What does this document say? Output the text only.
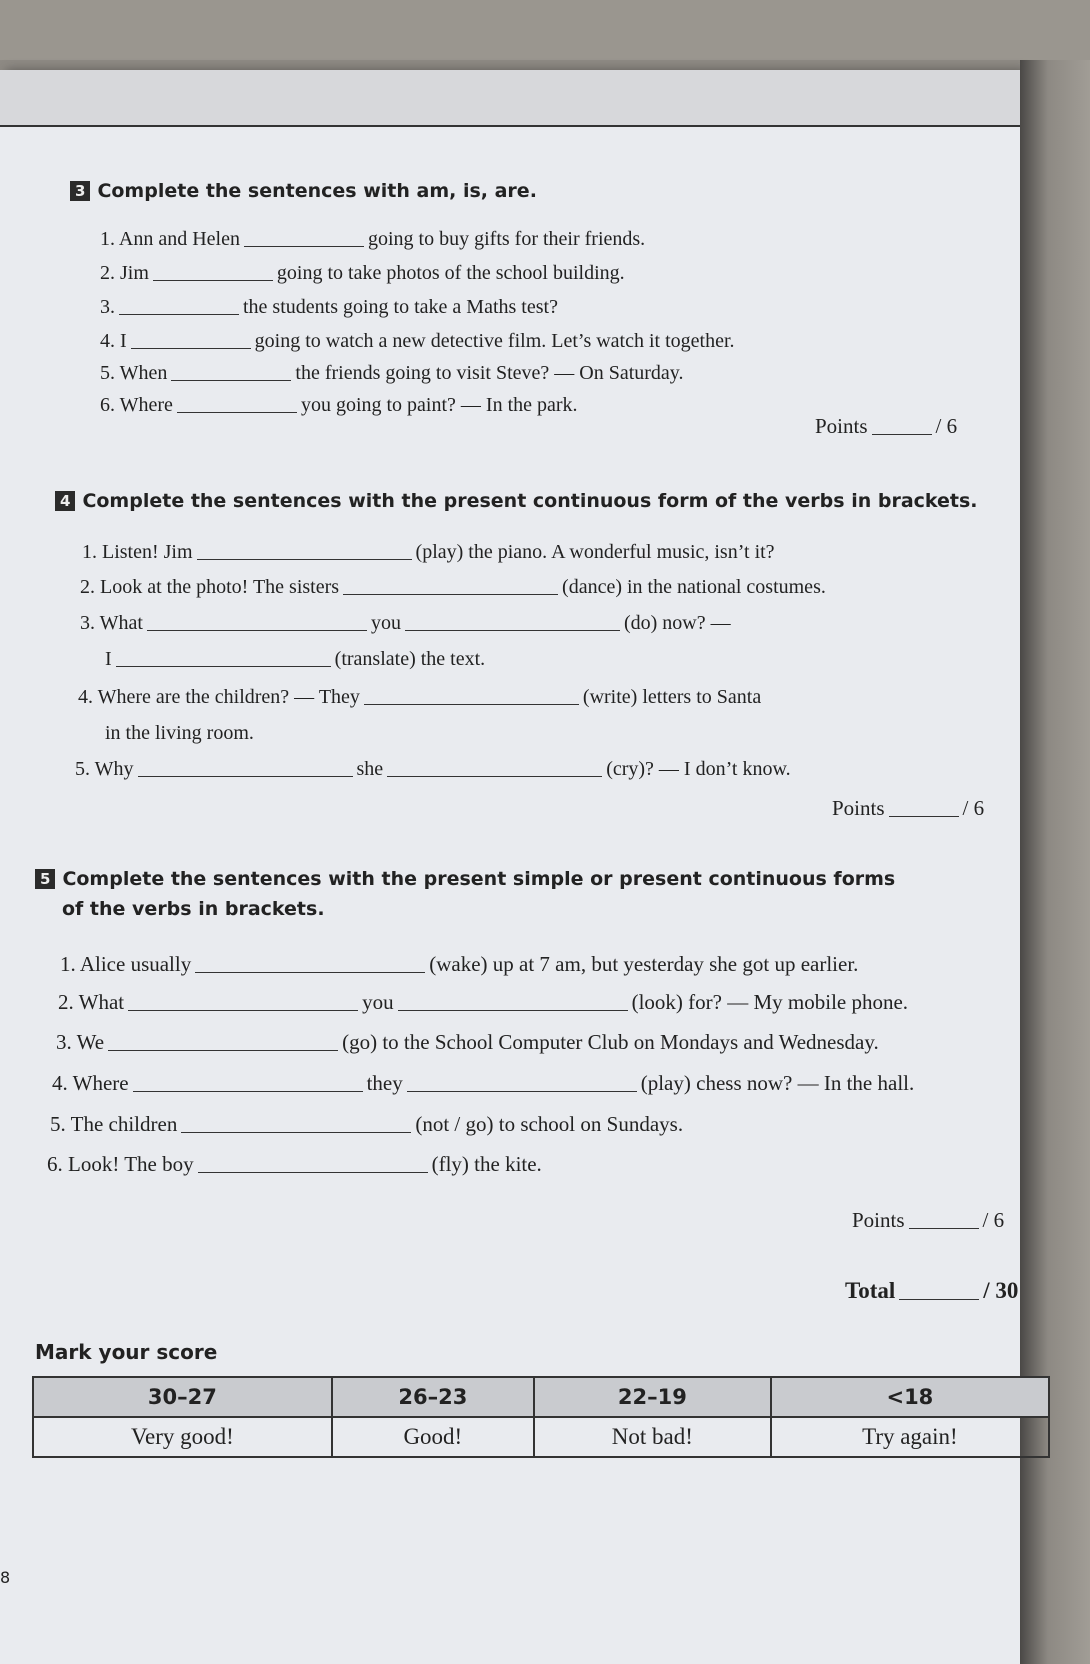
3 Complete the sentences with am, is, are.
1. Ann and Helen	going to buy gifts for their friends.
2. Jim	going to take photos of the school building.
3.	the students going to take a Maths test?
4. I	going to watch a new detective film. Let’s watch it together.
5. When	the friends going to visit Steve? — On Saturday.
6. Where	you going to paint? — In the park.
Points	/ 6
4 Complete the sentences with the present continuous form of the verbs in brackets.
1. Listen! Jim	(play) the piano. A wonderful music, isn’t it?
2. Look at the photo! The sisters	(dance) in the national costumes.
3. What	you	(do) now? —
I	(translate) the text.
4. Where are the children? — They	(write) letters to Santa
in the living room.
5. Why	she	(cry)? — I don’t know.
Points	/ 6
5 Complete the sentences with the present simple or present continuous forms
of the verbs in brackets.
1. Alice usually	(wake) up at 7 am, but yesterday she got up earlier.
2. What	you	(look) for? — My mobile phone.
3. We	(go) to the School Computer Club on Mondays and Wednesday.
4. Where	they	(play) chess now? — In the hall.
5. The children	(not / go) to school on Sundays.
6. Look! The boy	(fly) the kite.
Points	/ 6
Total	/ 30
Mark your score
30–27	26–23	22–19	<18
Very good!	Good!	Not bad!	Try again!
8
